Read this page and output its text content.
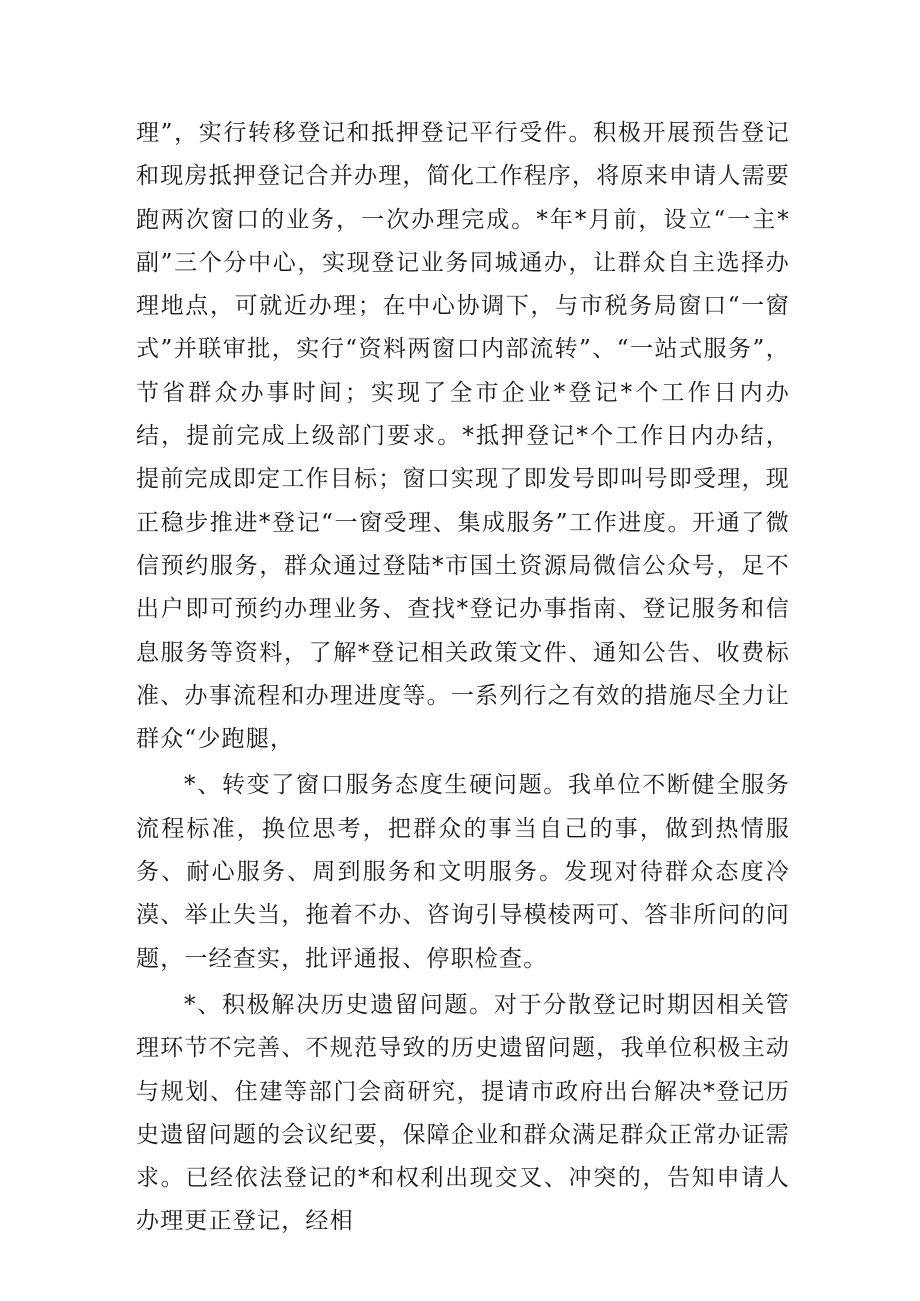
理”，实行转移登记和抵押登记平行受件。积极开展预告登记和现房抵押登记合并办理，简化工作程序，将原来申请人需要跑两次窗口的业务，一次办理完成。*年*月前，设立“一主*副”三个分中心，实现登记业务同城通办，让群众自主选择办理地点，可就近办理；在中心协调下，与市税务局窗口“一窗式”并联审批，实行“资料两窗口内部流转”、“一站式服务”，节省群众办事时间；实现了全市企业*登记*个工作日内办结，提前完成上级部门要求。*抵押登记*个工作日内办结，提前完成即定工作目标；窗口实现了即发号即叫号即受理，现正稳步推进*登记“一窗受理、集成服务”工作进度。开通了微信预约服务，群众通过登陆*市国土资源局微信公众号，足不出户即可预约办理业务、查找*登记办事指南、登记服务和信息服务等资料，了解*登记相关政策文件、通知公告、收费标准、办事流程和办理进度等。一系列行之有效的措施尽全力让群众“少跑腿，

*、转变了窗口服务态度生硬问题。我单位不断健全服务流程标准，换位思考，把群众的事当自己的事，做到热情服务、耐心服务、周到服务和文明服务。发现对待群众态度冷漠、举止失当，拖着不办、咨询引导模棱两可、答非所问的问题，一经查实，批评通报、停职检查。

*、积极解决历史遗留问题。对于分散登记时期因相关管理环节不完善、不规范导致的历史遗留问题，我单位积极主动与规划、住建等部门会商研究，提请市政府出台解决*登记历史遗留问题的会议纪要，保障企业和群众满足群众正常办证需求。已经依法登记的*和权利出现交叉、冲突的，告知申请人办理更正登记，经相
